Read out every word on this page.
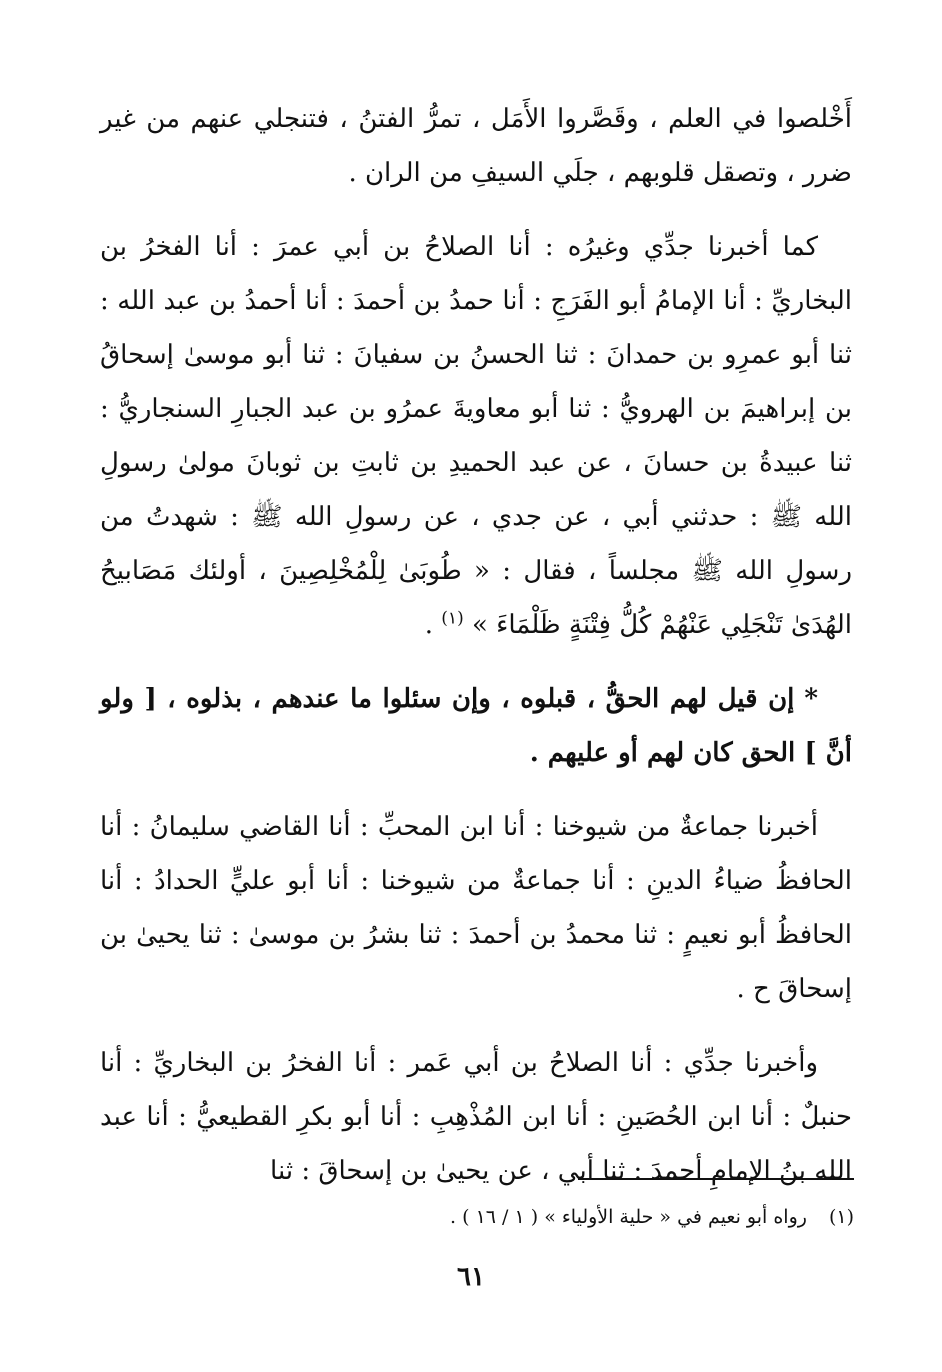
أَخْلصوا في العلم ، وقَصَّروا الأَمَل ، تمرُّ الفتنُ ، فتنجلي عنهم من غير ضرر ، وتصقل قلوبهم ، جلَي السيفِ من الران .

كما أخبرنا جدِّي وغيرُه : أنا الصلاحُ بن أبي عمرَ : أنا الفخرُ بن البخاريِّ : أنا الإمامُ أبو الفَرَجِ : أنا حمدُ بن أحمدَ : أنا أحمدُ بن عبد الله : ثنا أبو عمرِو بن حمدانَ : ثنا الحسنُ بن سفيانَ : ثنا أبو موسىٰ إسحاقُ بن إبراهيمَ بن الهرويُّ : ثنا أبو معاويةَ عمرُو بن عبد الجبارِ السنجاريُّ : ثنا عبيدةُ بن حسانَ ، عن عبد الحميدِ بن ثابتِ بن ثوبانَ مولىٰ رسولِ الله ﷺ : حدثني أبي ، عن جدي ، عن رسولِ الله ﷺ : شهدتُ من رسولِ الله ﷺ مجلساً ، فقال : « طُوبَىٰ لِلْمُخْلِصِينَ ، أولئك مَصَابيحُ الهُدَىٰ تَنْجَلِي عَنْهُمْ كُلُّ فِتْنَةٍ ظَلْمَاءَ » $^{(١)}$ .

*إن قيل لهم الحقُّ ، قبلوه ، وإن سئلوا ما عندهم ، بذلوه ، [ ولو أنَّ ] الحق كان لهم أو عليهم .

أخبرنا جماعةٌ من شيوخنا : أنا ابن المحبِّ : أنا القاضي سليمانُ : أنا الحافظُ ضياءُ الدينِ : أنا جماعةٌ من شيوخنا : أنا أبو عليٍّ الحدادُ : أنا الحافظُ أبو نعيمٍ : ثنا محمدُ بن أحمدَ : ثنا بشرُ بن موسىٰ : ثنا يحيىٰ بن إسحاقَ ح .

وأخبرنا جدِّي : أنا الصلاحُ بن أبي عَمر : أنا الفخرُ بن البخاريِّ : أنا حنبلٌ : أنا ابن الحُصَينِ : أنا ابن المُذْهِبِ : أنا أبو بكرِ القطيعيُّ : أنا عبد الله بنُ الإمامِ أحمدَ : ثنا أبي ، عن يحيىٰ بن إسحاقَ : ثنا

(١)رواه أبو نعيم في « حلية الأولياء » ( ١ / ١٦ ) .
٦١
